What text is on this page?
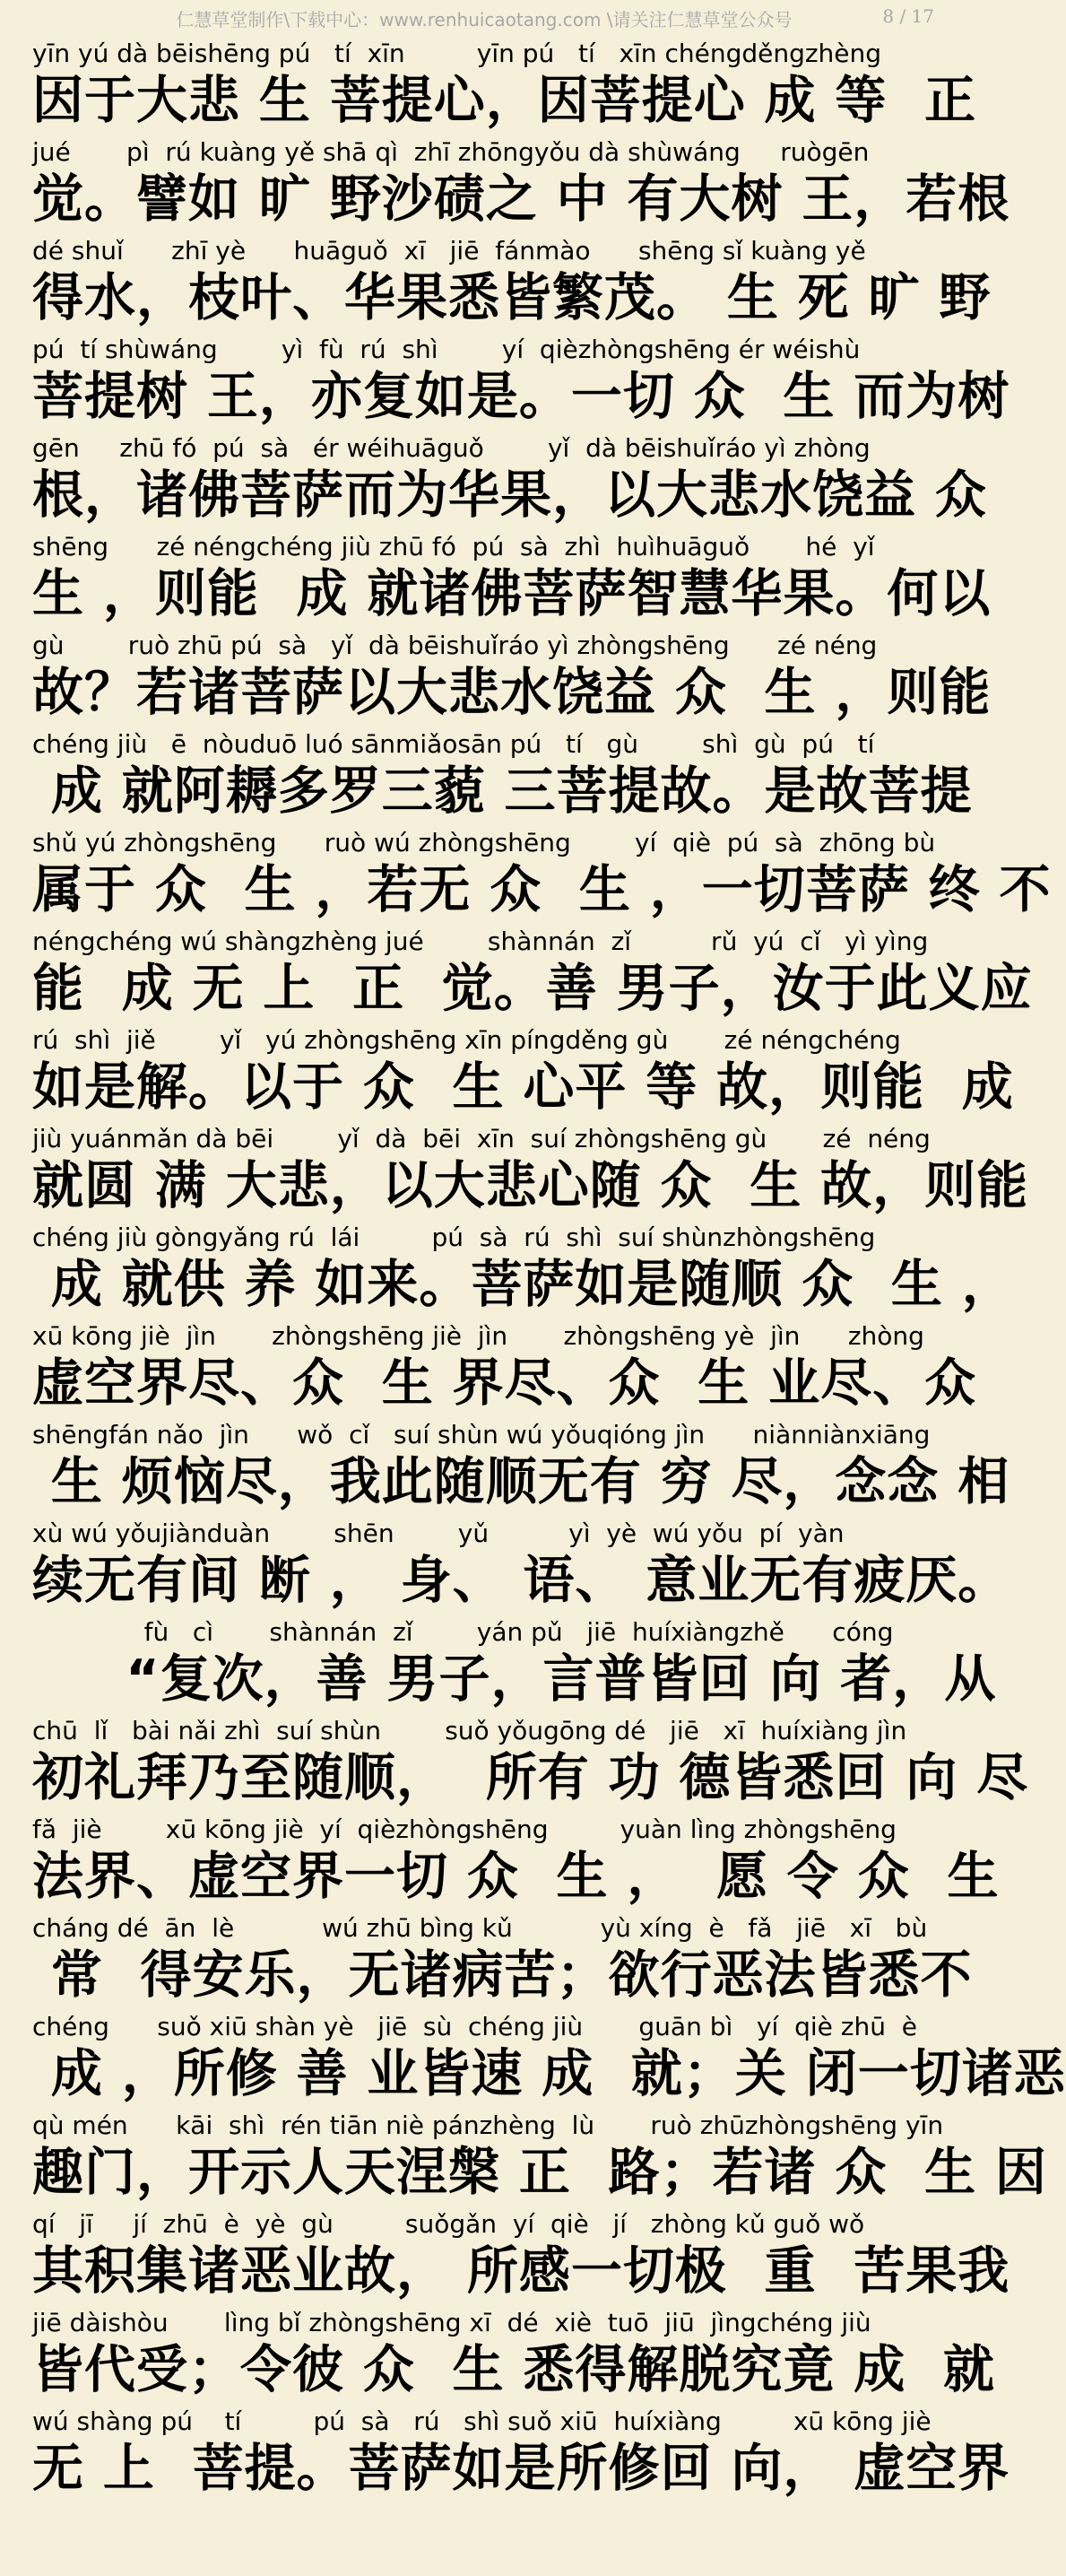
仁慧草堂制作\下载中心：www.renhuicaotang.com \请关注仁慧草堂公众号	8 / 17
yīn yú dà bēishēng pú   tí  xīn         yīn pú   tí   xīn chéngděngzhèng
因于大悲 生 菩提心，因菩提心 成 等  正
jué       pì  rú kuàng yě shā qì  zhī zhōngyǒu dà shùwáng     ruògēn
觉。譬如 旷 野沙碛之 中 有大树 王，若根
dé shuǐ      zhī yè      huāguǒ  xī   jiē  fánmào      shēng sǐ kuàng yě
得水，枝叶、华果悉皆繁茂。 生 死 旷 野
pú  tí shùwáng        yì  fù  rú  shì        yí  qièzhòngshēng ér wéishù
菩提树 王，亦复如是。一切 众  生 而为树
gēn     zhū fó  pú  sà   ér wéihuāguǒ        yǐ  dà bēishuǐráo yì zhòng
根，诸佛菩萨而为华果，以大悲水饶益 众
shēng      zé néngchéng jiù zhū fó  pú  sà  zhì  huìhuāguǒ       hé  yǐ
生 ，则能  成 就诸佛菩萨智慧华果。何以
gù        ruò zhū pú  sà   yǐ  dà bēishuǐráo yì zhòngshēng      zé néng
故？若诸菩萨以大悲水饶益 众  生 ，则能
chéng jiù   ē  nòuduō luó sānmiǎosān pú   tí   gù        shì  gù  pú   tí
成 就阿耨多罗三藐 三菩提故。是故菩提
shǔ yú zhòngshēng      ruò wú zhòngshēng        yí  qiè  pú  sà  zhōng bù
属于 众  生 ，若无 众  生 ，一切菩萨 终 不
néngchéng wú shàngzhèng jué        shànnán  zǐ          rǔ  yú  cǐ   yì yìng
能  成 无 上  正  觉。善 男子，汝于此义应
rú  shì  jiě        yǐ   yú zhòngshēng xīn píngděng gù       zé néngchéng
如是解。以于 众  生 心平 等 故，则能  成
jiù yuánmǎn dà bēi        yǐ  dà  bēi  xīn  suí zhòngshēng gù       zé  néng
就圆 满 大悲，以大悲心随 众  生 故，则能
chéng jiù gòngyǎng rú  lái         pú  sà  rú  shì  suí shùnzhòngshēng
成 就供 养 如来。菩萨如是随顺 众  生 ，
xū kōng jiè  jìn       zhòngshēng jiè  jìn       zhòngshēng yè  jìn      zhòng
虚空界尽、众  生 界尽、众  生 业尽、众
shēngfán nǎo  jìn      wǒ  cǐ   suí shùn wú yǒuqióng jìn      niànniànxiāng
生 烦恼尽，我此随顺无有 穷 尽，念念 相
xù wú yǒujiànduàn        shēn        yǔ          yì  yè  wú yǒu  pí  yàn
续无有间 断 ， 身、 语、 意业无有疲厌。
fù   cì       shànnán  zǐ        yán pǔ   jiē  huíxiàngzhě      cóng
“复次，善 男子，言普皆回 向 者，从
chū  lǐ   bài nǎi zhì  suí shùn        suǒ yǒugōng dé   jiē   xī  huíxiàng jìn
初礼拜乃至随顺，  所有 功 德皆悉回 向 尽
fǎ  jiè        xū kōng jiè  yí  qièzhòngshēng         yuàn lìng zhòngshēng
法界、虚空界一切 众  生 ，  愿 令 众  生
cháng dé  ān  lè           wú zhū bìng kǔ           yù xíng  è   fǎ   jiē   xī   bù
常  得安乐，无诸病苦；欲行恶法皆悉不
chéng      suǒ xiū shàn yè   jiē  sù  chéng jiù       guān bì   yí  qiè zhū  è
成 ，所修 善 业皆速 成  就；关 闭一切诸恶
qù mén      kāi  shì  rén tiān niè pánzhèng  lù       ruò zhūzhòngshēng yīn
趣门，开示人天涅槃 正  路；若诸 众  生 因
qí   jī     jí  zhū  è  yè  gù         suǒgǎn  yí  qiè   jí   zhòng kǔ guǒ wǒ
其积集诸恶业故， 所感一切极  重  苦果我
jiē dàishòu       lìng bǐ zhòngshēng xī  dé  xiè  tuō  jiū  jìngchéng jiù
皆代受；令彼 众  生 悉得解脱究竟 成  就
wú shàng pú    tí         pú  sà   rú   shì suǒ xiū  huíxiàng         xū kōng jiè
无 上  菩提。菩萨如是所修回 向， 虚空界
